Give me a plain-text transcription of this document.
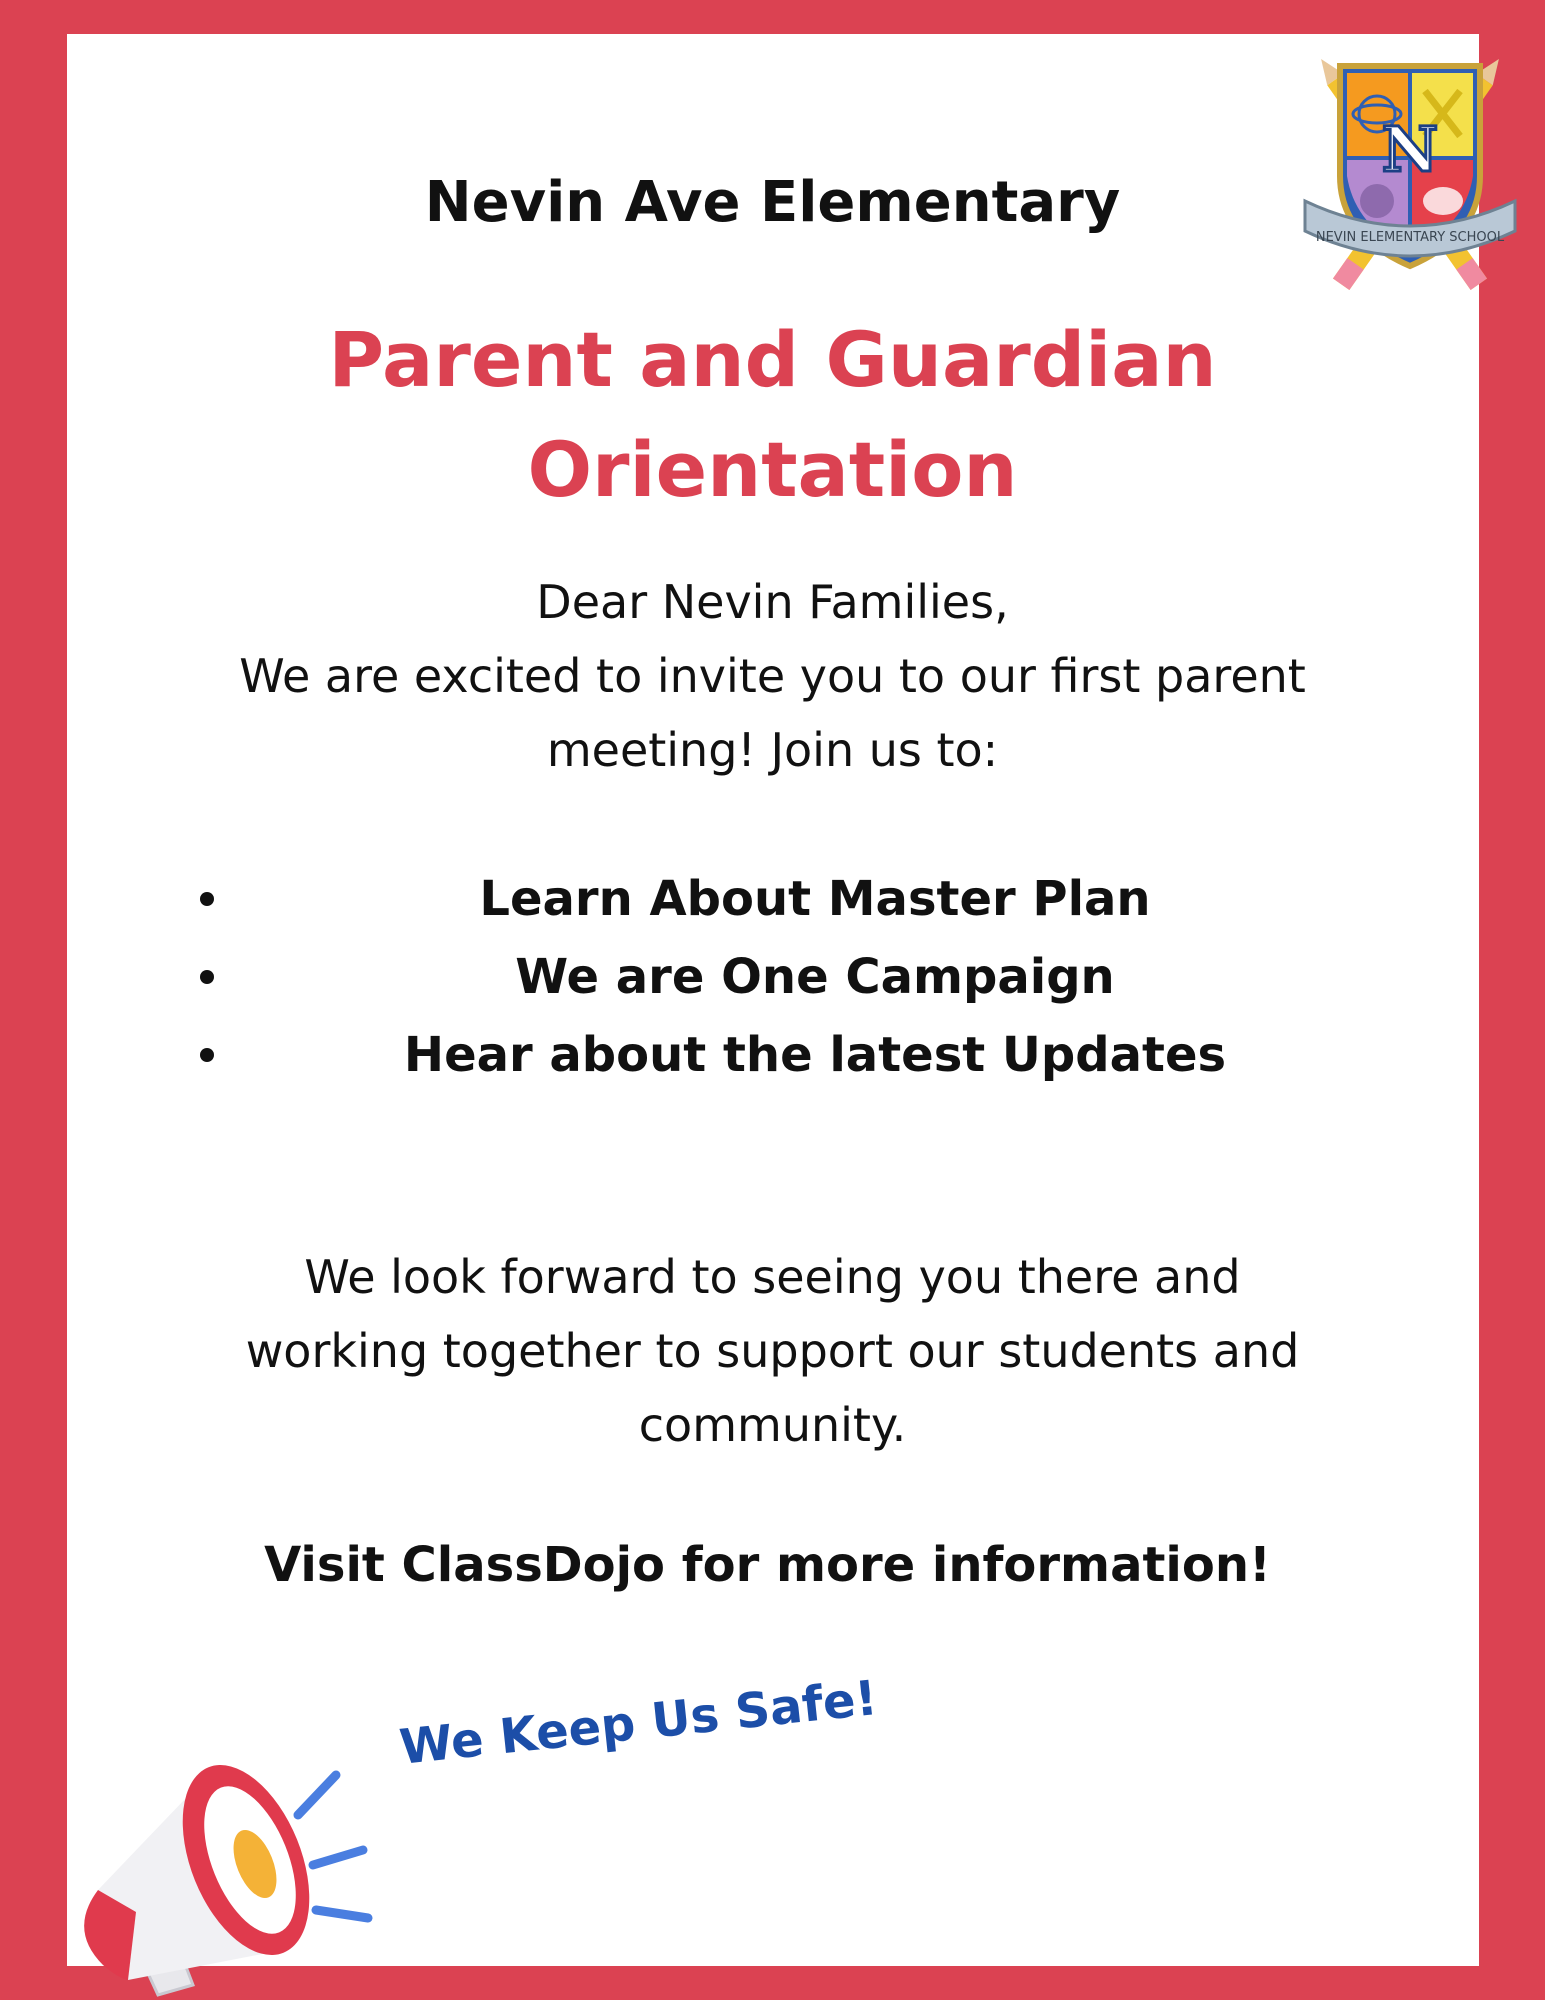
N
NEVIN ELEMENTARY SCHOOL
Nevin Ave Elementary
Parent and Guardian
Orientation
Dear Nevin Families,
We are excited to invite you to our first parent
meeting! Join us to:
Learn About Master Plan
We are One Campaign
Hear about the latest Updates
We look forward to seeing you there and
working together to support our students and
community.
Visit ClassDojo for more information!
We Keep Us Safe!
